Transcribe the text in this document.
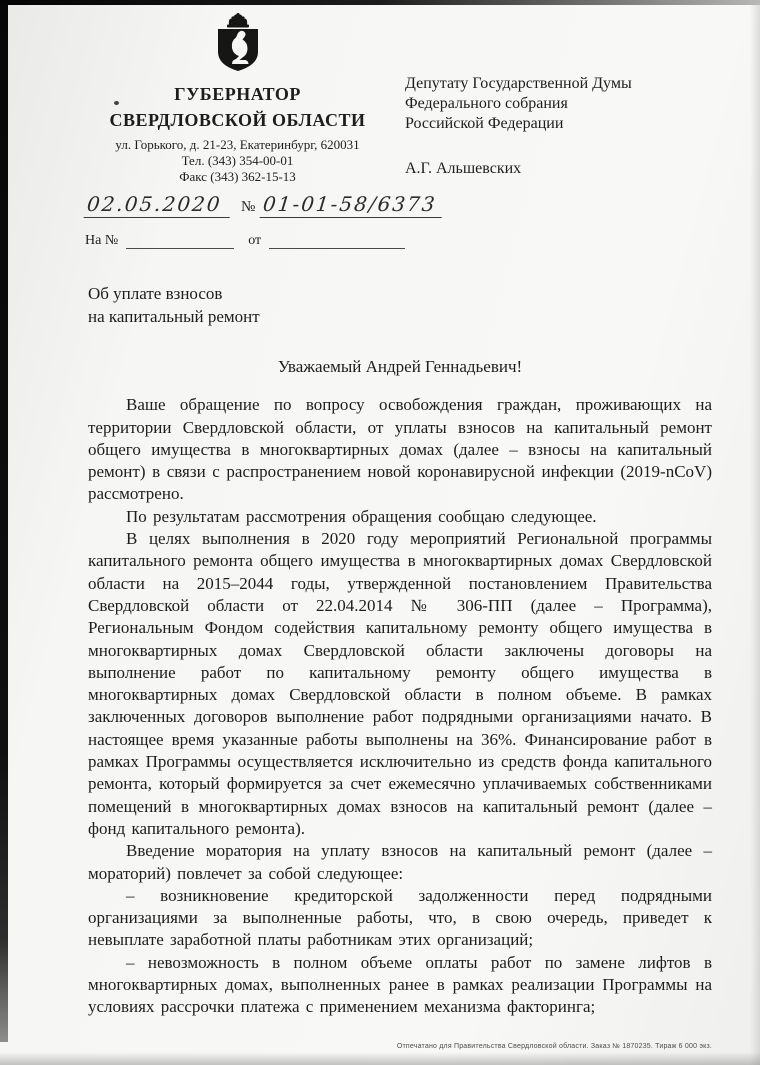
ГУБЕРНАТОР
СВЕРДЛОВСКОЙ ОБЛАСТИ
ул. Горького, д. 21-23, Екатеринбург, 620031
Тел. (343) 354-00-01
Факс (343) 362-15-13
Депутату Государственной Думы
Федерального собрания
Российской Федерации
А.Г. Альшевских
02.05.2020	№ 01-01-58/6373
На №	от
Об уплате взносов
на капитальный ремонт
Уважаемый Андрей Геннадьевич!

Ваше обращение по вопросу освобождения граждан, проживающих на территории Свердловской области, от уплаты взносов на капитальный ремонт общего имущества в многоквартирных домах (далее – взносы на капитальный ремонт) в связи с распространением новой коронавирусной инфекции (2019-nCoV) рассмотрено.

По результатам рассмотрения обращения сообщаю следующее.

В целях выполнения в 2020 году мероприятий Региональной программы капитального ремонта общего имущества в многоквартирных домах Свердловской области на 2015–2044 годы, утвержденной постановлением Правительства Свердловской области от 22.04.2014 № 306-ПП (далее – Программа), Региональным Фондом содействия капитальному ремонту общего имущества в многоквартирных домах Свердловской области заключены договоры на выполнение работ по капитальному ремонту общего имущества в многоквартирных домах Свердловской области в полном объеме. В рамках заключенных договоров выполнение работ подрядными организациями начато. В настоящее время указанные работы выполнены на 36%. Финансирование работ в рамках Программы осуществляется исключительно из средств фонда капитального ремонта, который формируется за счет ежемесячно уплачиваемых собственниками помещений в многоквартирных домах взносов на капитальный ремонт (далее – фонд капитального ремонта).

Введение моратория на уплату взносов на капитальный ремонт (далее – мораторий) повлечет за собой следующее:

– возникновение кредиторской задолженности перед подрядными организациями за выполненные работы, что, в свою очередь, приведет к невыплате заработной платы работникам этих организаций;

– невозможность в полном объеме оплаты работ по замене лифтов в многоквартирных домах, выполненных ранее в рамках реализации Программы на условиях рассрочки платежа с применением механизма факторинга;

Отпечатано для Правительства Свердловской области. Заказ № 1870235. Тираж 6 000 экз.
